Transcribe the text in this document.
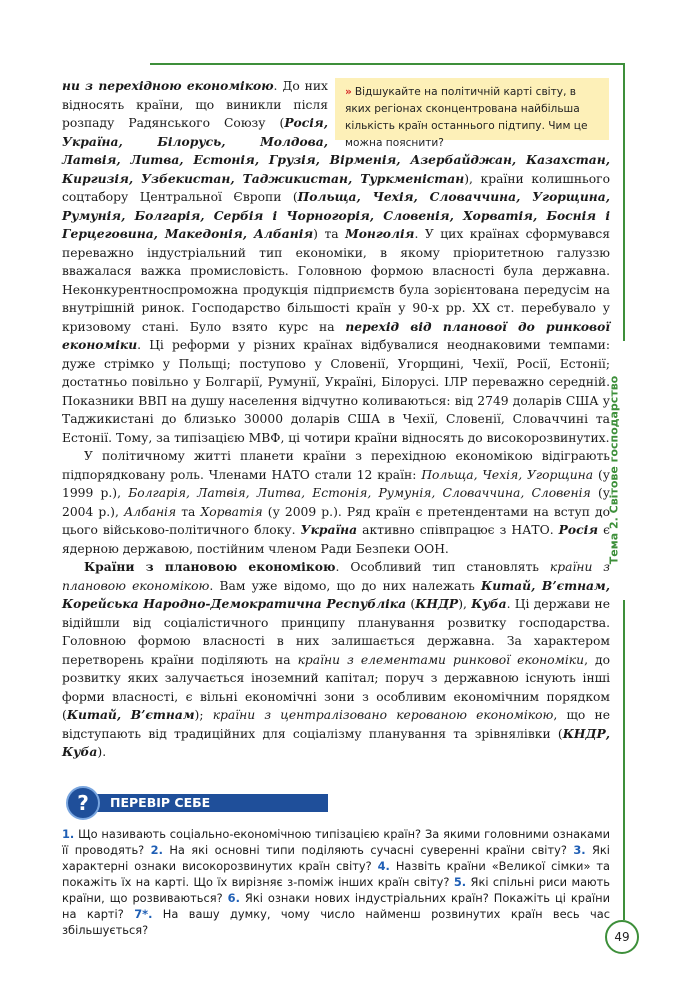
Тема 2. Світове господарство
» Відшукайте на політичній карті світу, в яких регіонах сконцентрована найбільша кількість країн останнього підтипу. Чим це можна пояснити?

ни з перехідною економікою. До них відносять країни, що виникли після розпаду Радянського Союзу (Росія, Україна, Білорусь, Молдова, Латвія, Литва, Естонія, Грузія, Вірменія, Азербайджан, Казахстан, Киргизія, Узбекистан, Таджикистан, Туркменістан), країни колишнього соцтабору Центральної Європи (Польща, Чехія, Словаччина, Угорщина, Румунія, Болгарія, Сербія і Чорногорія, Словенія, Хорватія, Боснія і Герцеговина, Македонія, Албанія) та Монголія. У цих країнах сформувався переважно індустріальний тип економіки, в якому пріоритетною галуззю вважалася важка промисловість. Головною формою власності була державна. Неконкурентноспроможна продукція підприємств була зорієнтована передусім на внутрішній ринок. Господарство більшості країн у 90-х рр. XX ст. перебувало у кризовому стані. Було взято курс на перехід від планової до ринкової економіки. Ці реформи у різних країнах відбувалися неоднаковими темпами: дуже стрімко у Польщі; поступово у Словенії, Угорщині, Чехії, Росії, Естонії; достатньо повільно у Болгарії, Румунії, Україні, Білорусі. ІЛР переважно середній. Показники ВВП на душу населення відчутно коливаються: від 2749 доларів США у Таджикистані до близько 30000 доларів США в Чехії, Словенії, Словаччині та Естонії. Тому, за типізацією МВФ, ці чотири країни відносять до високорозвинутих.

У політичному житті планети країни з перехідною економікою відіграють підпорядковану роль. Членами НАТО стали 12 країн: Польща, Чехія, Угорщина (у 1999 р.), Болгарія, Латвія, Литва, Естонія, Румунія, Словаччина, Словенія (у 2004 р.), Албанія та Хорватія (у 2009 р.). Ряд країн є претендентами на вступ до цього військово-політичного блоку. Україна активно співпрацює з НАТО. Росія є ядерною державою, постійним членом Ради Безпеки ООН.

Країни з плановою економікою. Особливий тип становлять країни з плановою економікою. Вам уже відомо, що до них належать Китай, В’єтнам, Корейська Народно-Демократична Республіка (КНДР), Куба. Ці держави не відійшли від соціалістичного принципу планування розвитку господарства. Головною формою власності в них залишається державна. За характером перетворень країни поділяють на країни з елементами ринкової економіки, до розвитку яких залучається іноземний капітал; поруч з державною існують інші форми власності, є вільні економічні зони з особливим економічним порядком (Китай, В’єтнам); країни з централізовано керованою економікою, що не відступають від традиційних для соціалізму планування та зрівнялівки (КНДР, Куба).

ПЕРЕВІР СЕБЕ
?
1. Що називають соціально-економічною типізацією країн? За якими головними ознаками її проводять? 2. На які основні типи поділяють сучасні суверенні країни світу? 3. Які характерні ознаки високорозвинутих країн світу? 4. Назвіть країни «Великої сімки» та покажіть їх на карті. Що їх вирізняє з-поміж інших країн світу? 5. Які спільні риси мають країни, що розвиваються? 6. Які ознаки нових індустріальних країн? Покажіть ці країни на карті? 7*. На вашу думку, чому число найменш розвинутих країн весь час збільшується?	49
